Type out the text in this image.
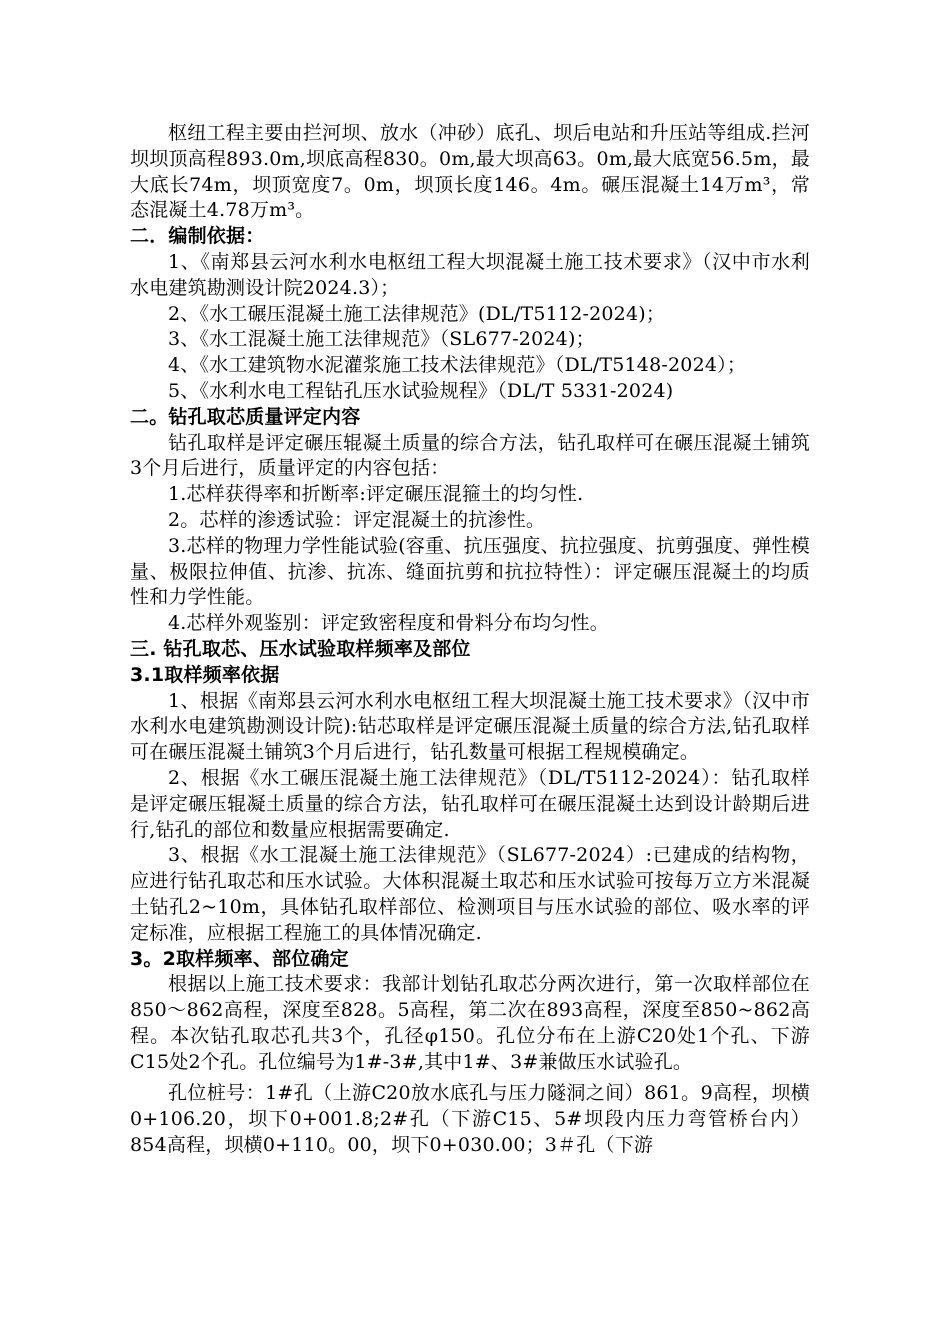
枢纽工程主要由拦河坝、放水（冲砂）底孔、坝后电站和升压站等组成.拦河坝坝顶高程893.0m,坝底高程830。0m,最大坝高63。0m,最大底宽56.5m，最大底长74m，坝顶宽度7。0m，坝顶长度146。4m。碾压混凝土14万m³，常态混凝土4.78万m³。

二．编制依据：

1、《南郑县云河水利水电枢纽工程大坝混凝土施工技术要求》（汉中市水利水电建筑勘测设计院2024.3）；

2、《水工碾压混凝土施工法律规范》(DL/T5112-2024)；

3、《水工混凝土施工法律规范》（SL677-2024)；

4、《水工建筑物水泥灌浆施工技术法律规范》（DL/T5148-2024）；

5、《水利水电工程钻孔压水试验规程》（DL/T 5331-2024)

二。钻孔取芯质量评定内容

钻孔取样是评定碾压辊凝土质量的综合方法，钻孔取样可在碾压混凝土铺筑3个月后进行，质量评定的内容包括：

1.芯样获得率和折断率:评定碾压混箍土的均匀性.

2。芯样的渗透试验：评定混凝土的抗渗性。

3.芯样的物理力学性能试验(容重、抗压强度、抗拉强度、抗剪强度、弹性模量、极限拉伸值、抗渗、抗冻、缝面抗剪和抗拉特性）：评定碾压混凝土的均质性和力学性能。

4.芯样外观鉴别：评定致密程度和骨料分布均匀性。

三. 钻孔取芯、压水试验取样频率及部位

3.1取样频率依据

1、根据《南郑县云河水利水电枢纽工程大坝混凝土施工技术要求》（汉中市水利水电建筑勘测设计院):钻芯取样是评定碾压混凝土质量的综合方法,钻孔取样可在碾压混凝土铺筑3个月后进行，钻孔数量可根据工程规模确定。

2、根据《水工碾压混凝土施工法律规范》（DL/T5112-2024）：钻孔取样是评定碾压辊凝土质量的综合方法，钻孔取样可在碾压混凝土达到设计龄期后进行,钻孔的部位和数量应根据需要确定.

3、根据《水工混凝土施工法律规范》（SL677-2024）:已建成的结构物，应进行钻孔取芯和压水试验。大体积混凝土取芯和压水试验可按每万立方米混凝土钻孔2~10m，具体钻孔取样部位、检测项目与压水试验的部位、吸水率的评定标准，应根据工程施工的具体情况确定.

3。2取样频率、部位确定

根据以上施工技术要求：我部计划钻孔取芯分两次进行，第一次取样部位在850～862高程，深度至828。5高程，第二次在893高程，深度至850~862高程。本次钻孔取芯孔共3个，孔径φ150。孔位分布在上游C20处1个孔、下游C15处2个孔。孔位编号为1#-3#,其中1#、3#兼做压水试验孔。

孔位桩号：1#孔（上游C20放水底孔与压力隧洞之间）861。9高程，坝横0+106.20，坝下0+001.8;2#孔（下游C15、5#坝段内压力弯管桥台内）854高程，坝横0+110。00，坝下0+030.00；3＃孔（下游
